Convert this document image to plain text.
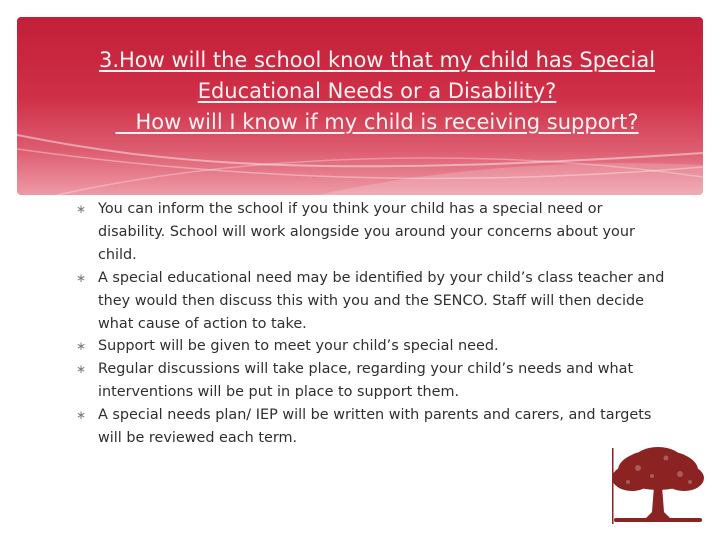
3.How will the school know that my child has Special
Educational Needs or a Disability?
How will I know if my child is receiving support?
∗ You can inform the school if you think your child has a special need or disability. School will work alongside you around your concerns about your child.
∗ A special educational need may be identified by your child’s class teacher and they would then discuss this with you and the SENCO. Staff will then decide what cause of action to take.
∗ Support will be given to meet your child’s special need.
∗ Regular discussions will take place, regarding your child’s needs and what interventions will be put in place to support them.
∗ A special needs plan/ IEP will be written with parents and carers, and targets will be reviewed each term.
